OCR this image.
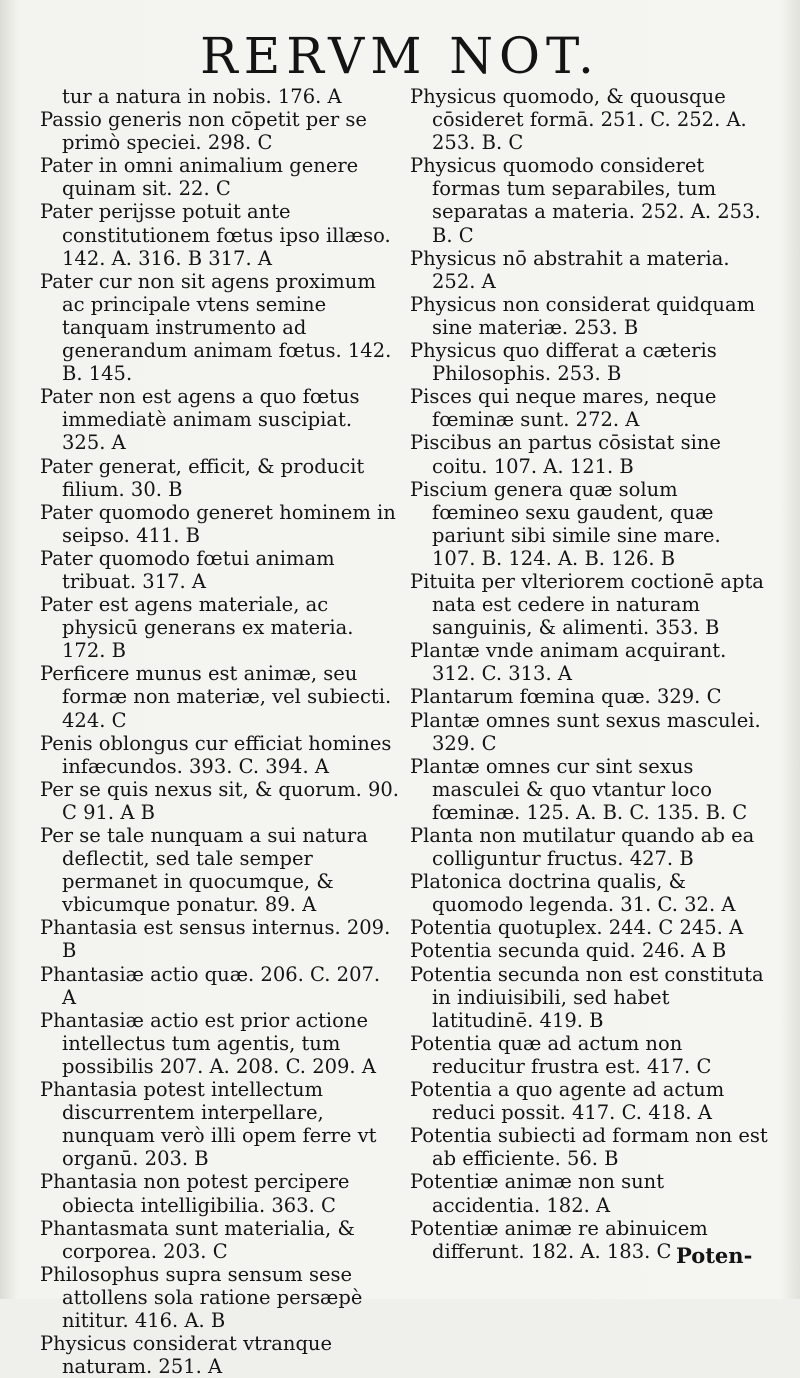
RERVM NOT.

tur a natura in nobis. 176. A

Passio generis non cōpetit per se primò speciei. 298. C

Pater in omni animalium genere quinam sit. 22. C

Pater perijsse potuit ante constitutionem fœtus ipso illæso. 142. A. 316. B 317. A

Pater cur non sit agens proximum ac principale vtens semine tanquam instrumento ad generandum animam fœtus. 142. B. 145.

Pater non est agens a quo fœtus immediatè animam suscipiat. 325. A

Pater generat, efficit, & producit filium. 30. B

Pater quomodo generet hominem in seipso. 411. B

Pater quomodo fœtui animam tribuat. 317. A

Pater est agens materiale, ac physicū generans ex materia. 172. B

Perficere munus est animæ, seu formæ non materiæ, vel subiecti. 424. C

Penis oblongus cur efficiat homines infæcundos. 393. C. 394. A

Per se quis nexus sit, & quorum. 90. C 91. A B

Per se tale nunquam a sui natura deflectit, sed tale semper permanet in quocumque, & vbicumque ponatur. 89. A

Phantasia est sensus internus. 209. B

Phantasiæ actio quæ. 206. C. 207. A

Phantasiæ actio est prior actione intellectus tum agentis, tum possibilis 207. A. 208. C. 209. A

Phantasia potest intellectum discurrentem interpellare, nunquam verò illi opem ferre vt organū. 203. B

Phantasia non potest percipere obiecta intelligibilia. 363. C

Phantasmata sunt materialia, & corporea. 203. C

Philosophus supra sensum sese attollens sola ratione persæpè nititur. 416. A. B

Physicus considerat vtranque naturam. 251. A

Physicus quomodo, & quousque cōsideret formā. 251. C. 252. A. 253. B. C

Physicus quomodo consideret formas tum separabiles, tum separatas a materia. 252. A. 253. B. C

Physicus nō abstrahit a materia. 252. A

Physicus non considerat quidquam sine materiæ. 253. B

Physicus quo differat a cæteris Philosophis. 253. B

Pisces qui neque mares, neque fœminæ sunt. 272. A

Piscibus an partus cōsistat sine coitu. 107. A. 121. B

Piscium genera quæ solum fœmineo sexu gaudent, quæ pariunt sibi simile sine mare. 107. B. 124. A. B. 126. B

Pituita per vlteriorem coctionē apta nata est cedere in naturam sanguinis, & alimenti. 353. B

Plantæ vnde animam acquirant. 312. C. 313. A

Plantarum fœmina quæ. 329. C

Plantæ omnes sunt sexus masculei. 329. C

Plantæ omnes cur sint sexus masculei & quo vtantur loco fœminæ. 125. A. B. C. 135. B. C

Planta non mutilatur quando ab ea colliguntur fructus. 427. B

Platonica doctrina qualis, & quomodo legenda. 31. C. 32. A

Potentia quotuplex. 244. C 245. A

Potentia secunda quid. 246. A B

Potentia secunda non est constituta in indiuisibili, sed habet latitudinē. 419. B

Potentia quæ ad actum non reducitur frustra est. 417. C

Potentia a quo agente ad actum reduci possit. 417. C. 418. A

Potentia subiecti ad formam non est ab efficiente. 56. B

Potentiæ animæ non sunt accidentia. 182. A

Potentiæ animæ re abinuicem differunt. 182. A. 183. C Poten-
